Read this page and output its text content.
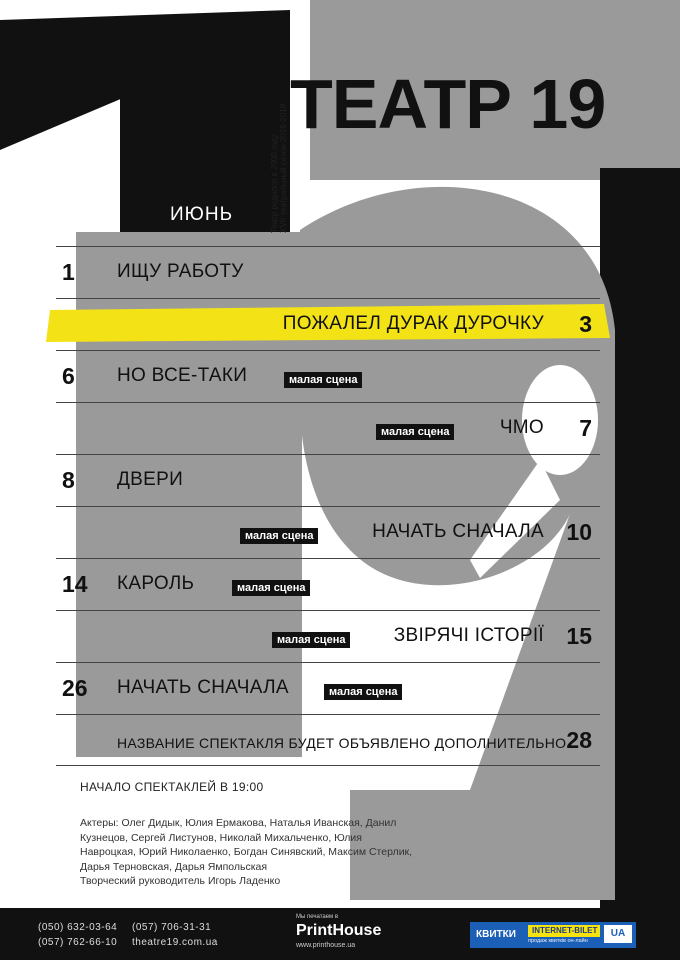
ТЕАТР 19
Театр родился в 2000 году XVII театральный сезон 2018-2019
ИЮНЬ
1 ИЩУ РАБОТУ
ПОЖАЛЕЛ ДУРАК ДУРОЧКУ 3
6 НО ВСЕ-ТАКИ	малая сцена
малая сцена	ЧМО 7
8 ДВЕРИ
малая сцена	НАЧАТЬ СНАЧАЛА 10
14 КАРОЛЬ	малая сцена
малая сцена	ЗВІРЯЧІ ІСТОРІЇ 15
26 НАЧАТЬ СНАЧАЛА	малая сцена
НАЗВАНИЕ СПЕКТАКЛЯ БУДЕТ ОБЪЯВЛЕНО ДОПОЛНИТЕЛЬНО 28
НАЧАЛО СПЕКТАКЛЕЙ В 19:00
Актеры: Олег Дидык, Юлия Ермакова, Наталья Иванская, Данил Кузнецов, Сергей Листунов, Николай Михальченко, Юлия Навроцкая, Юрий Николаенко, Богдан Синявский, Максим Стерлик, Дарья Терновская, Дарья Ямпольская
Творческий руководитель Игорь Ладенко
(050) 632-03-64 (057) 706-31-31
(057) 762-66-10 theatre19.com.ua
Мы печатаем в
PrintHouse
www.printhouse.ua
КВИТКИ	INTERNET-BILET
продаж квитків он-лайн
UA
